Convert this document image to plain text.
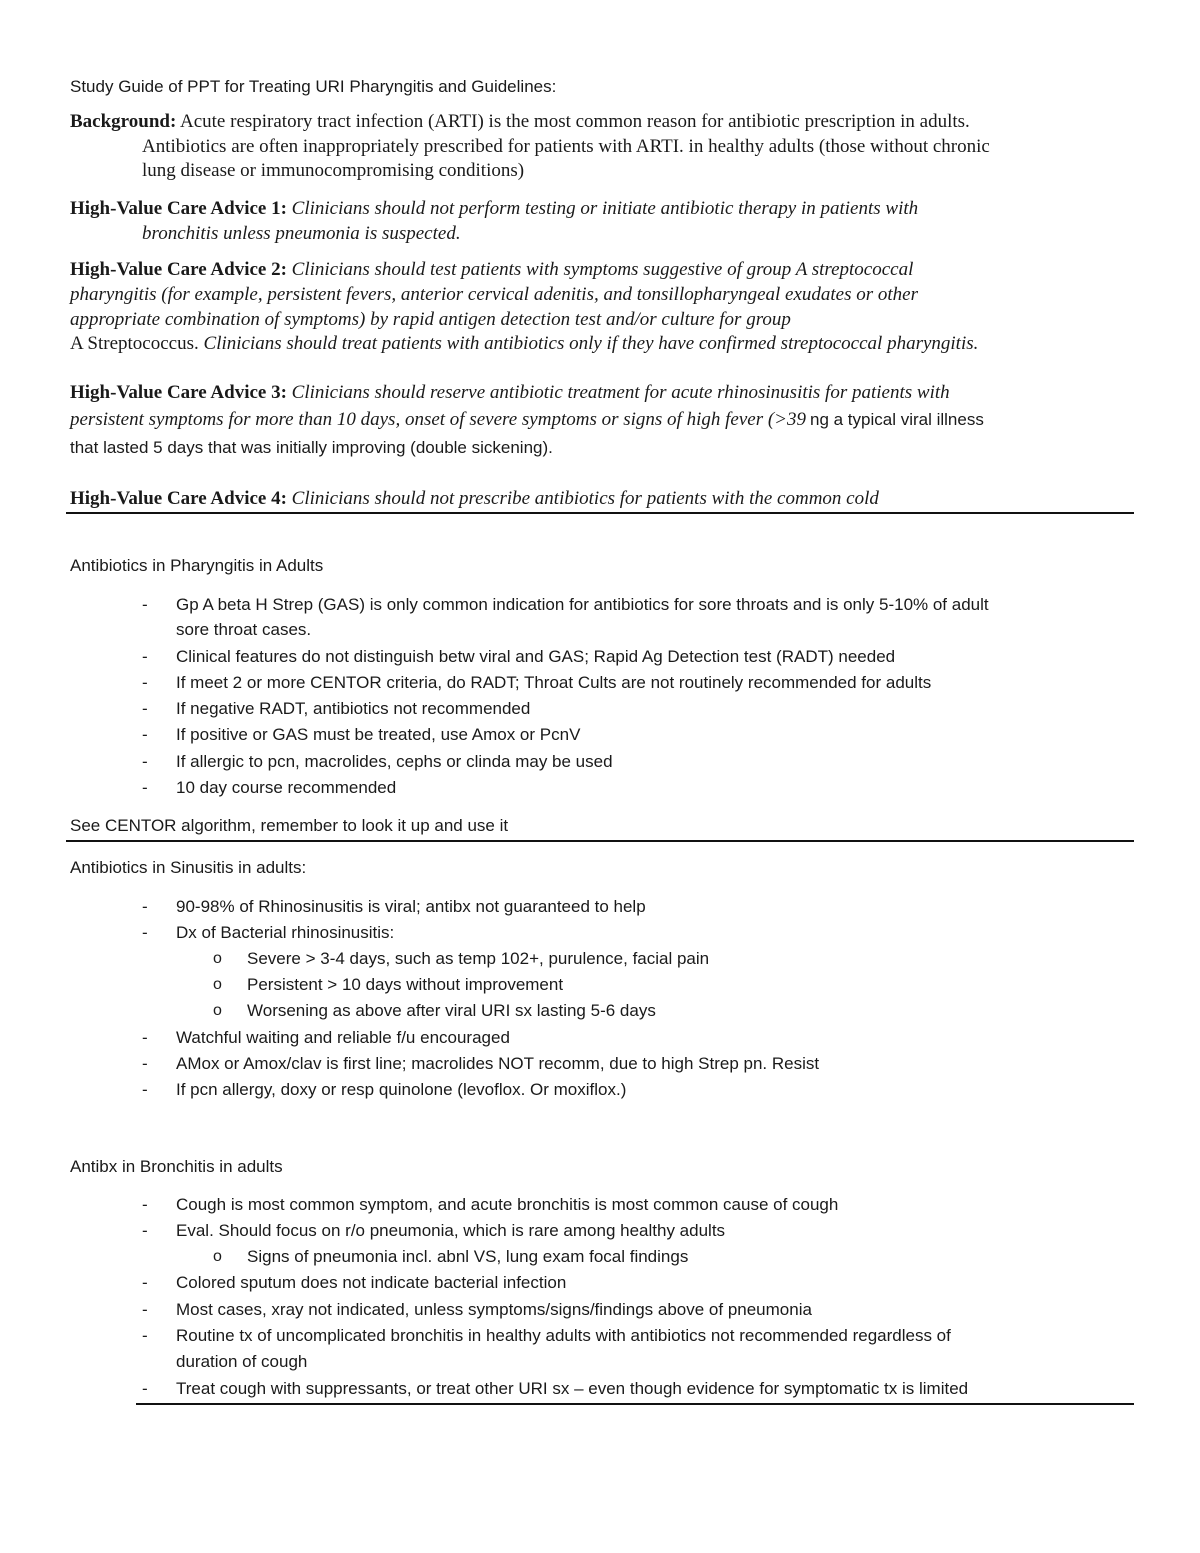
Study Guide of PPT for Treating URI Pharyngitis and Guidelines:
Background: Acute respiratory tract infection (ARTI) is the most common reason for antibiotic prescription in adults.
Antibiotics are often inappropriately prescribed for patients with ARTI. in healthy adults (those without chronic
lung disease or immunocompromising conditions)
High-Value Care Advice 1: Clinicians should not perform testing or initiate antibiotic therapy in patients with
bronchitis unless pneumonia is suspected.
High-Value Care Advice 2: Clinicians should test patients with symptoms suggestive of group A streptococcal
pharyngitis (for example, persistent fevers, anterior cervical adenitis, and tonsillopharyngeal exudates or other
appropriate combination of symptoms) by rapid antigen detection test and/or culture for group
A Streptococcus. Clinicians should treat patients with antibiotics only if they have confirmed streptococcal pharyngitis.
High-Value Care Advice 3: Clinicians should reserve antibiotic treatment for acute rhinosinusitis for patients with
persistent symptoms for more than 10 days, onset of severe symptoms or signs of high fever (>39 ng a typical viral illness
that lasted 5 days that was initially improving (double sickening).
High-Value Care Advice 4: Clinicians should not prescribe antibiotics for patients with the common cold
Antibiotics in Pharyngitis in Adults
- Gp A beta H Strep (GAS) is only common indication for antibiotics for sore throats and is only 5-10% of adult
sore throat cases.
- Clinical features do not distinguish betw viral and GAS; Rapid Ag Detection test (RADT) needed
- If meet 2 or more CENTOR criteria, do RADT; Throat Cults are not routinely recommended for adults
- If negative RADT, antibiotics not recommended
- If positive or GAS must be treated, use Amox or PcnV
- If allergic to pcn, macrolides, cephs or clinda may be used
- 10 day course recommended
See CENTOR algorithm, remember to look it up and use it
Antibiotics in Sinusitis in adults:
- 90-98% of Rhinosinusitis is viral; antibx not guaranteed to help
- Dx of Bacterial rhinosinusitis:
o Severe > 3-4 days, such as temp 102+, purulence, facial pain
o Persistent > 10 days without improvement
o Worsening as above after viral URI sx lasting 5-6 days
- Watchful waiting and reliable f/u encouraged
- AMox or Amox/clav is first line; macrolides NOT recomm, due to high Strep pn. Resist
- If pcn allergy, doxy or resp quinolone (levoflox. Or moxiflox.)
Antibx in Bronchitis in adults
- Cough is most common symptom, and acute bronchitis is most common cause of cough
- Eval. Should focus on r/o pneumonia, which is rare among healthy adults
o Signs of pneumonia incl. abnl VS, lung exam focal findings
- Colored sputum does not indicate bacterial infection
- Most cases, xray not indicated, unless symptoms/signs/findings above of pneumonia
- Routine tx of uncomplicated bronchitis in healthy adults with antibiotics not recommended regardless of
duration of cough
- Treat cough with suppressants, or treat other URI sx – even though evidence for symptomatic tx is limited
